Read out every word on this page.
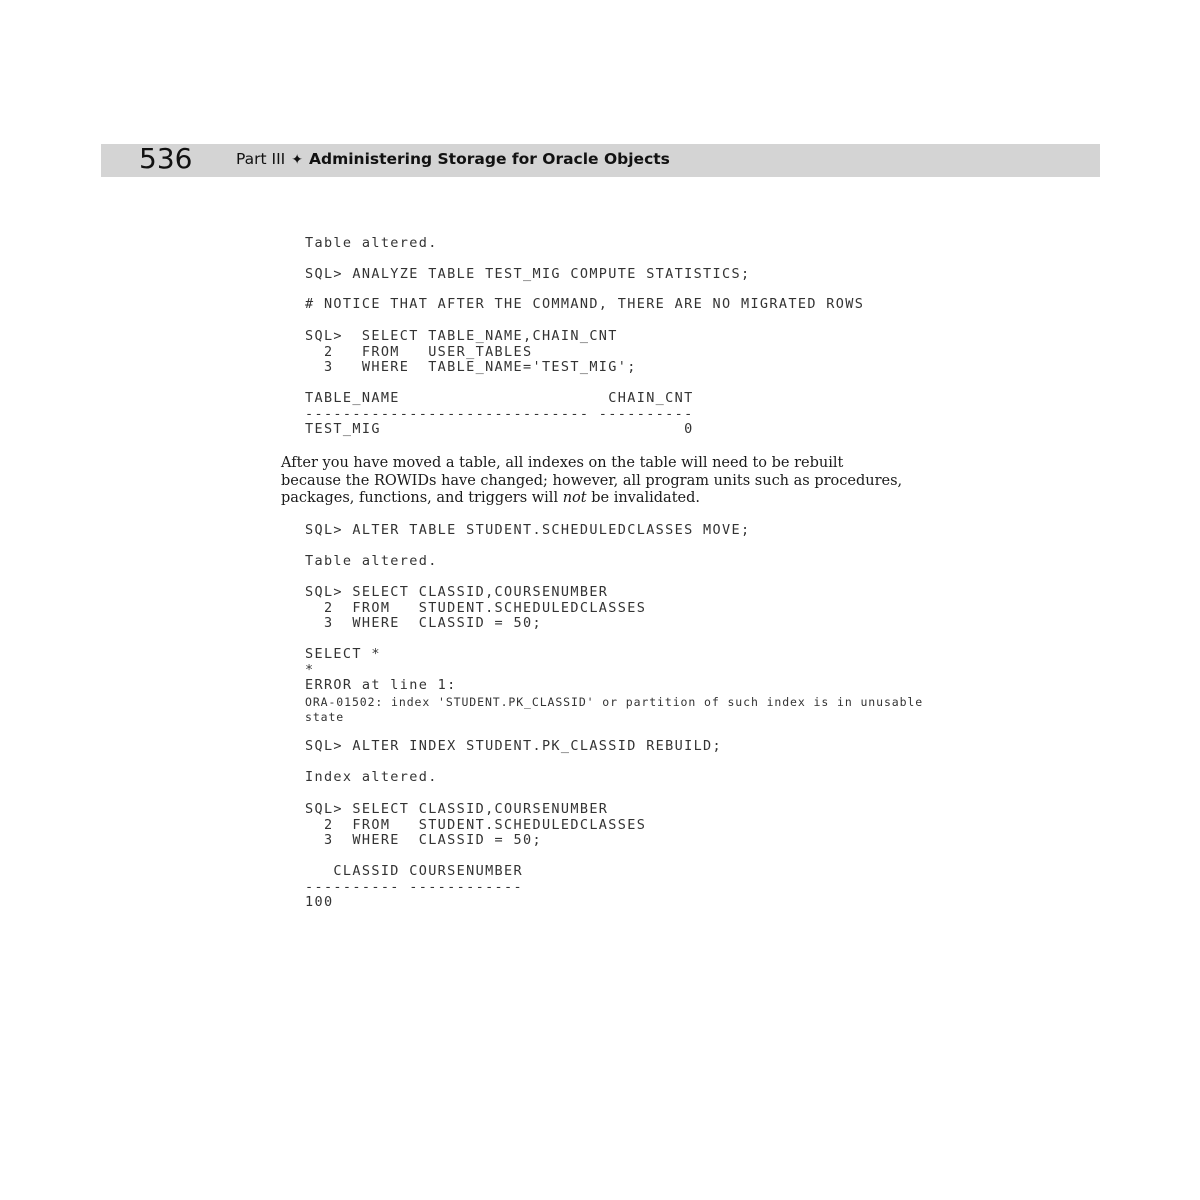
536	Part III ✦ Administering Storage for Oracle Objects
Table altered.
SQL> ANALYZE TABLE TEST_MIG COMPUTE STATISTICS;
# NOTICE THAT AFTER THE COMMAND, THERE ARE NO MIGRATED ROWS
SQL>  SELECT TABLE_NAME,CHAIN_CNT
2   FROM   USER_TABLES
3   WHERE  TABLE_NAME='TEST_MIG';
TABLE_NAME                      CHAIN_CNT
------------------------------ ----------
TEST_MIG                                0

After you have moved a table, all indexes on the table will need to be rebuilt
because the ROWIDs have changed; however, all program units such as procedures,
packages, functions, and triggers will not be invalidated.

SQL> ALTER TABLE STUDENT.SCHEDULEDCLASSES MOVE;
Table altered.
SQL> SELECT CLASSID,COURSENUMBER
2  FROM   STUDENT.SCHEDULEDCLASSES
3  WHERE  CLASSID = 50;
SELECT *
*
ERROR at line 1:
ORA-01502: index 'STUDENT.PK_CLASSID' or partition of such index is in unusable
state
SQL> ALTER INDEX STUDENT.PK_CLASSID REBUILD;
Index altered.
SQL> SELECT CLASSID,COURSENUMBER
2  FROM   STUDENT.SCHEDULEDCLASSES
3  WHERE  CLASSID = 50;
CLASSID COURSENUMBER
---------- ------------
100
